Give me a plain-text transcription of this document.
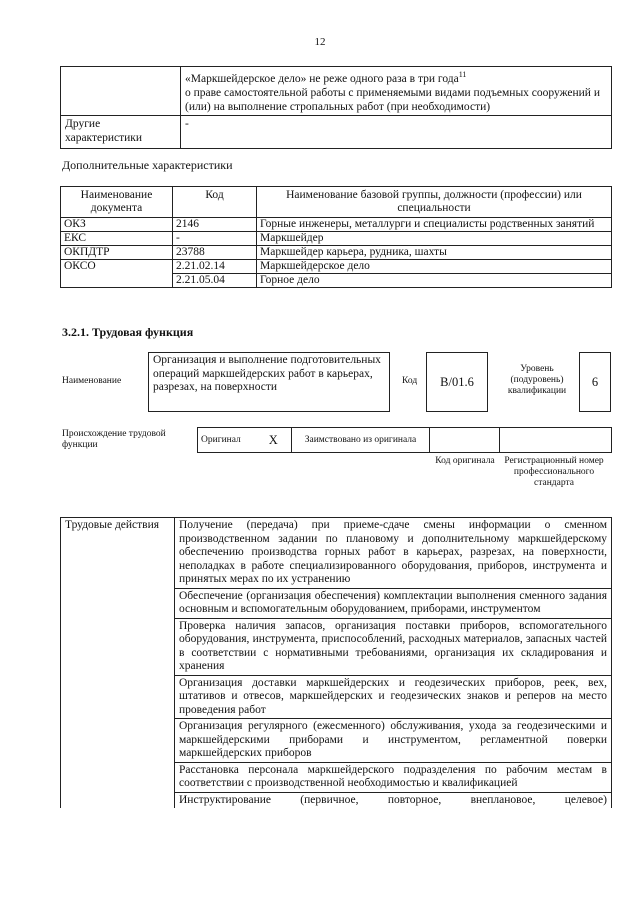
12
	«Маркшейдерское дело» не реже одного раза в три года$^{11}$
о праве самостоятельной работы с применяемыми видами подъемных сооружений и (или) на выполнение стропальных работ (при необходимости)
Другие характеристики	-
Дополнительные характеристики
Наименование документа	Код	Наименование базовой группы, должности (профессии) или специальности
ОКЗ	2146	Горные инженеры, металлурги и специалисты родственных занятий
ЕКС	-	Маркшейдер
ОКПДТР	23788	Маркшейдер карьера, рудника, шахты
ОКСО	2.21.02.14	Маркшейдерское дело
	2.21.05.04	Горное дело
3.2.1. Трудовая функция
Наименование
Организация и выполнение подготовительных операций маркшейдерских работ в карьерах, разрезах, на поверхности	Код	B/01.6
Уровень (подуровень) квалификации
6
Происхождение трудовой функции	Оригинал	X	Заимствовано из оригинала		
Код оригинала	Регистрационный номер профессионального стандарта
Трудовые действия	Получение (передача) при приеме-сдаче смены информации о сменном производственном задании по плановому и дополнительному маркшейдерскому обеспечению производства горных работ в карьерах, разрезах, на поверхности, неполадках в работе специализированного оборудования, приборов, инструмента и принятых мерах по их устранению
Обеспечение (организация обеспечения) комплектации выполнения сменного задания основным и вспомогательным оборудованием, приборами, инструментом
Проверка наличия запасов, организация поставки приборов, вспомогательного оборудования, инструмента, приспособлений, расходных материалов, запасных частей в соответствии с нормативными требованиями, организация их складирования и хранения
Организация доставки маркшейдерских и геодезических приборов, реек, вех, штативов и отвесов, маркшейдерских и геодезических знаков и реперов на место проведения работ
Организация регулярного (ежесменного) обслуживания, ухода за геодезическими и маркшейдерскими приборами и инструментом, регламентной поверки маркшейдерских приборов
Расстановка персонала маркшейдерского подразделения по рабочим местам в соответствии с производственной необходимостью и квалификацией
Инструктирование (первичное, повторное, внеплановое, целевое)
